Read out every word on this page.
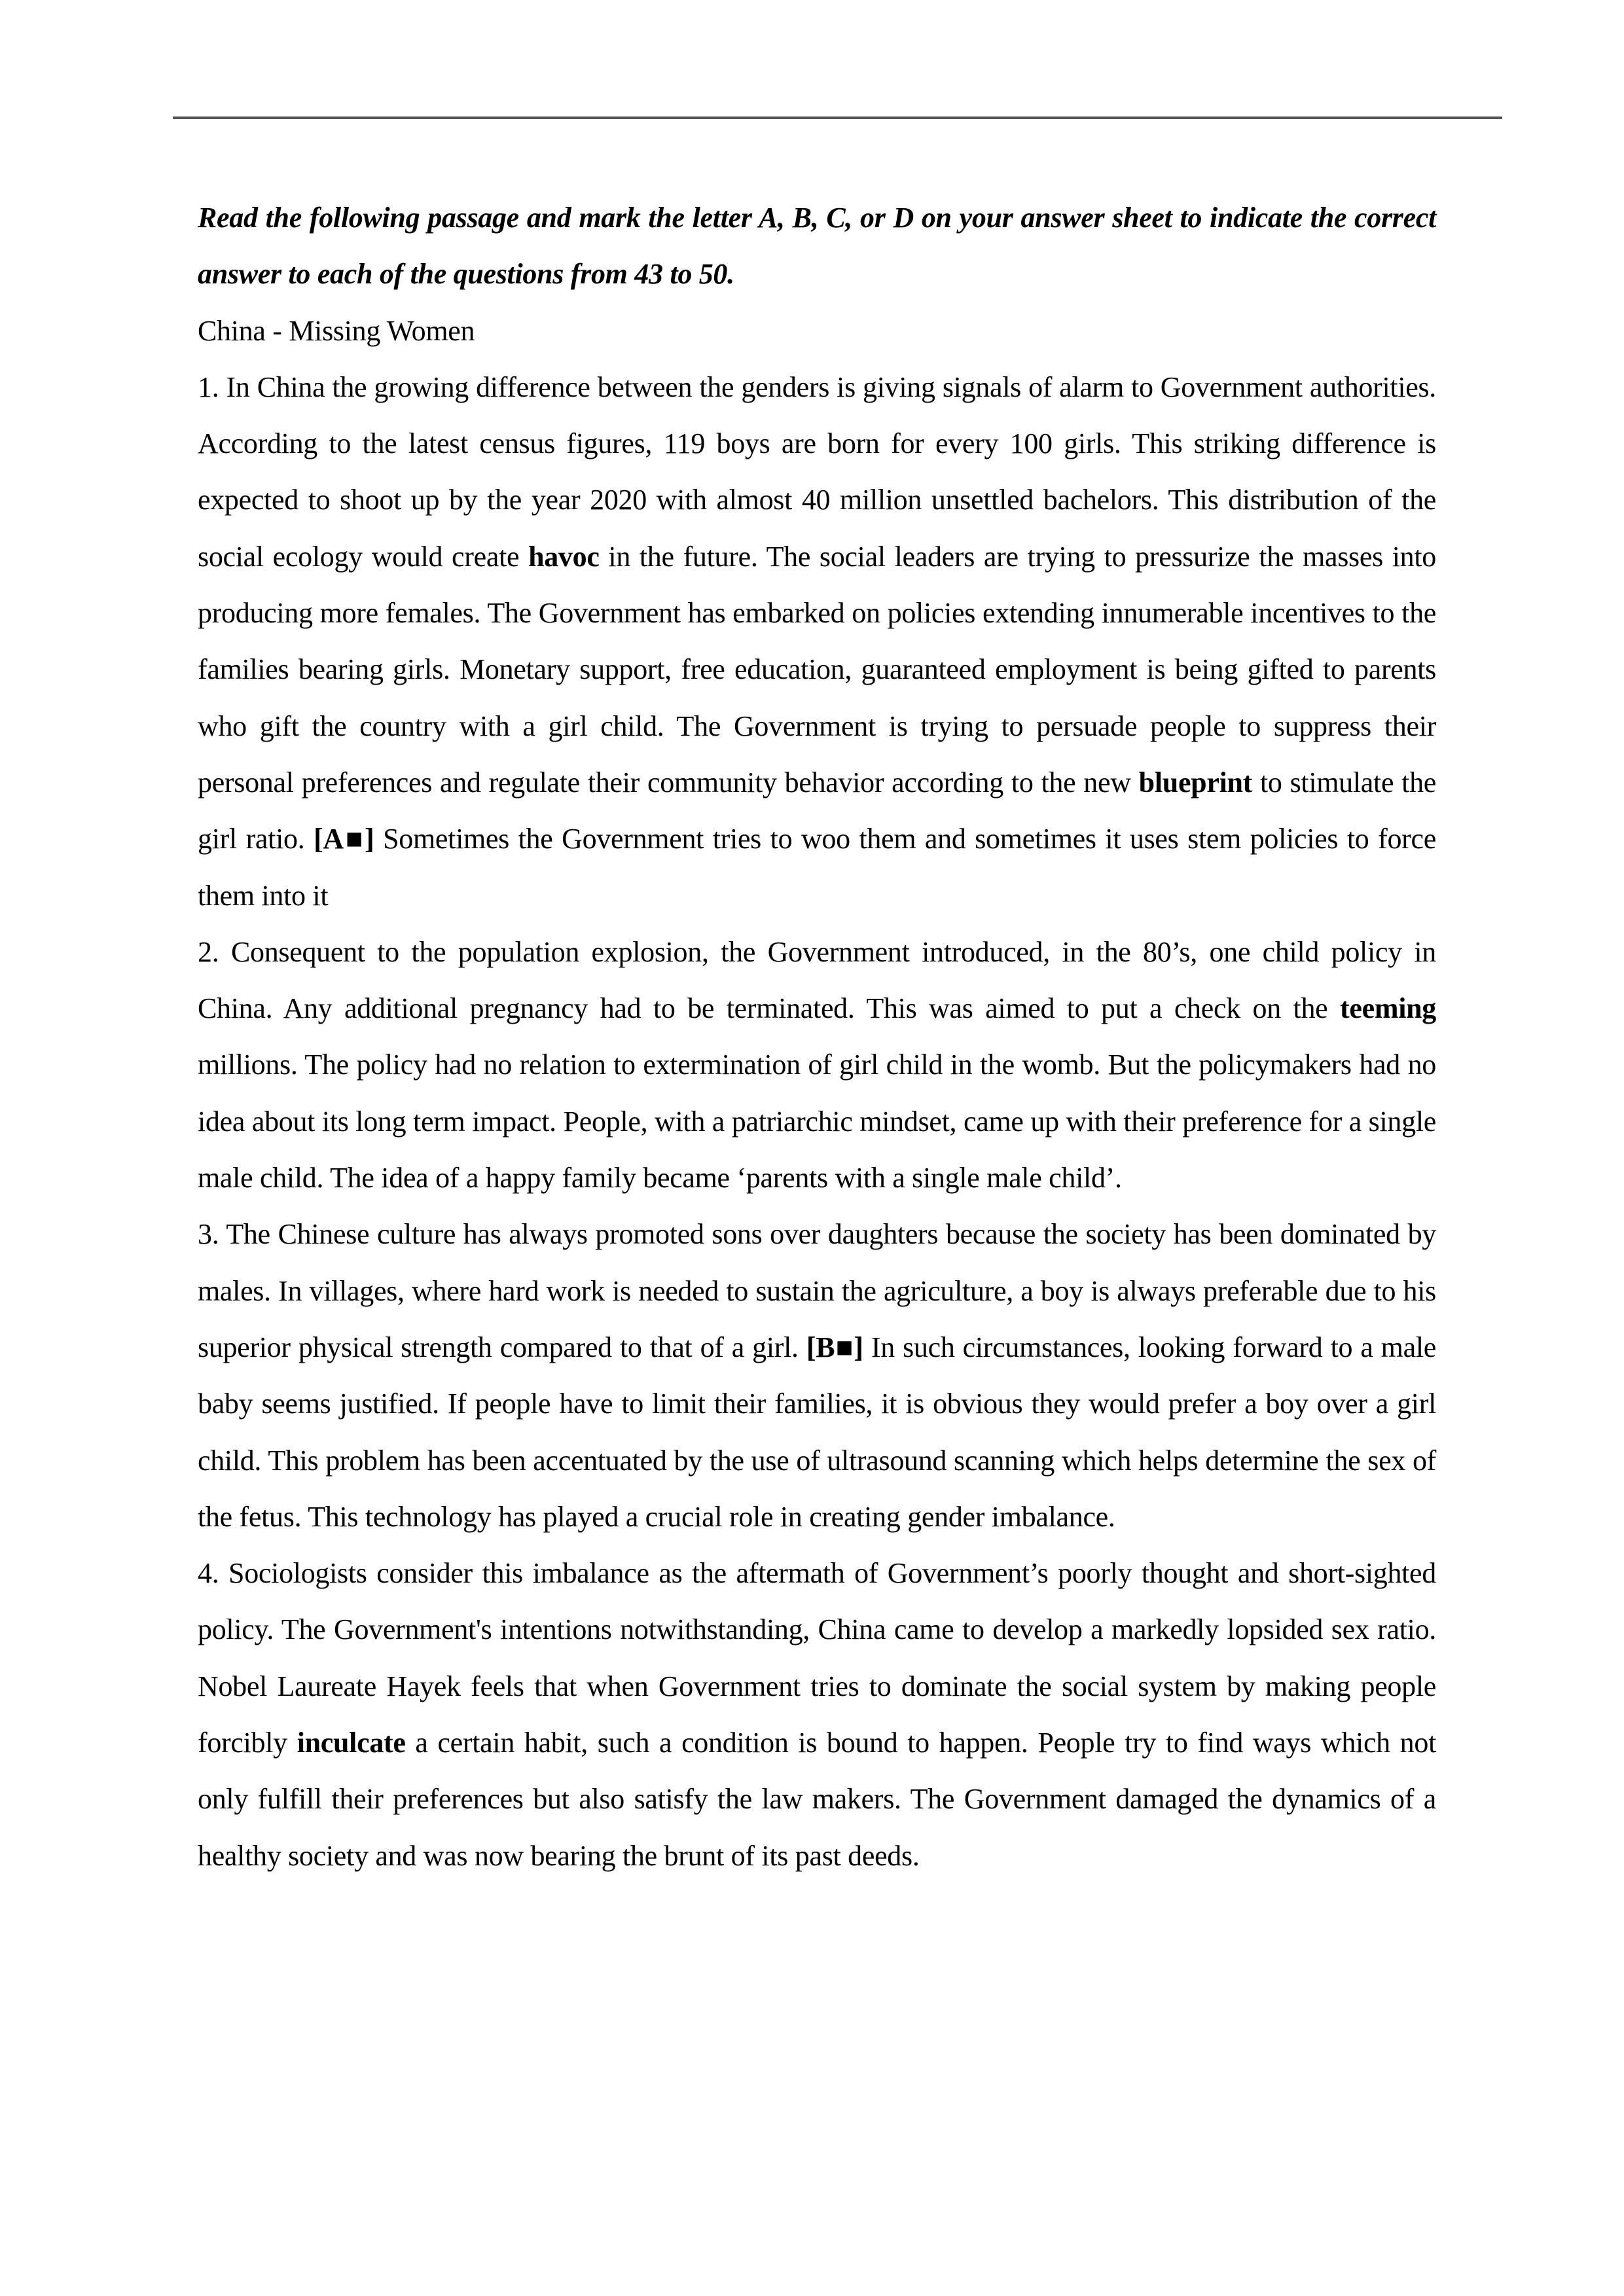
Read the following passage and mark the letter A, B, C, or D on your answer sheet to indicate the correct answer to each of the questions from 43 to 50.

China - Missing Women

1. In China the growing difference between the genders is giving signals of alarm to Government authorities. According to the latest census figures, 119 boys are born for every 100 girls. This striking difference is expected to shoot up by the year 2020 with almost 40 million unsettled bachelors. This distribution of the social ecology would create havoc in the future. The social leaders are trying to pressurize the masses into producing more females. The Government has embarked on policies extending innumerable incentives to the families bearing girls. Monetary support, free education, guaranteed employment is being gifted to parents who gift the country with a girl child. The Government is trying to persuade people to suppress their personal preferences and regulate their community behavior according to the new blueprint to stimulate the girl ratio. [A■] Sometimes the Government tries to woo them and sometimes it uses stem policies to force them into it

2. Consequent to the population explosion, the Government introduced, in the 80’s, one child policy in China. Any additional pregnancy had to be terminated. This was aimed to put a check on the teeming millions. The policy had no relation to extermination of girl child in the womb. But the policymakers had no idea about its long term impact. People, with a patriarchic mindset, came up with their preference for a single male child. The idea of a happy family became ‘parents with a single male child’.

3. The Chinese culture has always promoted sons over daughters because the society has been dominated by males. In villages, where hard work is needed to sustain the agriculture, a boy is always preferable due to his superior physical strength compared to that of a girl. [B■] In such circumstances, looking forward to a male baby seems justified. If people have to limit their families, it is obvious they would prefer a boy over a girl child. This problem has been accentuated by the use of ultrasound scanning which helps determine the sex of the fetus. This technology has played a crucial role in creating gender imbalance.

4. Sociologists consider this imbalance as the aftermath of Government’s poorly thought and short-sighted policy. The Government's intentions notwithstanding, China came to develop a markedly lopsided sex ratio. Nobel Laureate Hayek feels that when Government tries to dominate the social system by making people forcibly inculcate a certain habit, such a condition is bound to happen. People try to find ways which not only fulfill their preferences but also satisfy the law makers. The Government damaged the dynamics of a healthy society and was now bearing the brunt of its past deeds.
